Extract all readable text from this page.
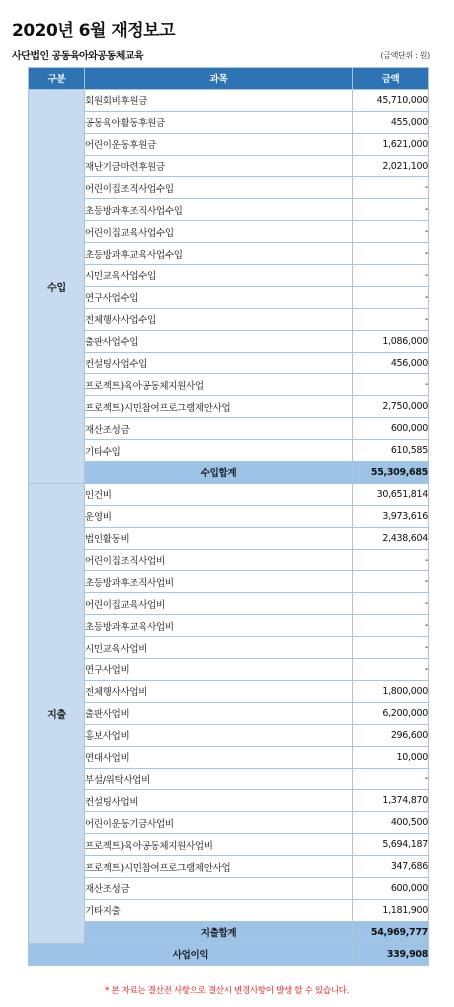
2020년 6월 재정보고
사단법인 공동육아와공동체교육	(금액단위 : 원)
구분	과목	금액
수입	회원회비후원금	45,710,000
	공동육아활동후원금	455,000
	어린이운동후원금	1,621,000
	재난기금마련후원금	2,021,100
	어린이집조직사업수입	-
	초등방과후조직사업수입	-
	어린이집교육사업수입	-
	초등방과후교육사업수입	-
	시민교육사업수입	-
	연구사업수입	-
	전체행사사업수입	-
	출판사업수입	1,086,000
	컨설팅사업수입	456,000
	프로젝트)육아공동체지원사업	-
	프로젝트)시민참여프로그램제안사업	2,750,000
	재산조성금	600,000
	기타수입	610,585
	수입합계	55,309,685
지출	인건비	30,651,814
	운영비	3,973,616
	법인활동비	2,438,604
	어린이집조직사업비	-
	초등방과후조직사업비	-
	어린이집교육사업비	-
	초등방과후교육사업비	-
	시민교육사업비	-
	연구사업비	-
	전체행사사업비	1,800,000
	출판사업비	6,200,000
	홍보사업비	296,600
	연대사업비	10,000
	부설/위탁사업비	-
	컨설팅사업비	1,374,870
	어린이운동기금사업비	400,500
	프로젝트)육아공동체지원사업비	5,694,187
	프로젝트)시민참여프로그램제안사업	347,686
	재산조성금	600,000
	기타지출	1,181,900
	지출합계	54,969,777
사업이익		339,908
* 본 자료는 결산전 사항으로 결산시 변경사항이 발생 할 수 있습니다.
